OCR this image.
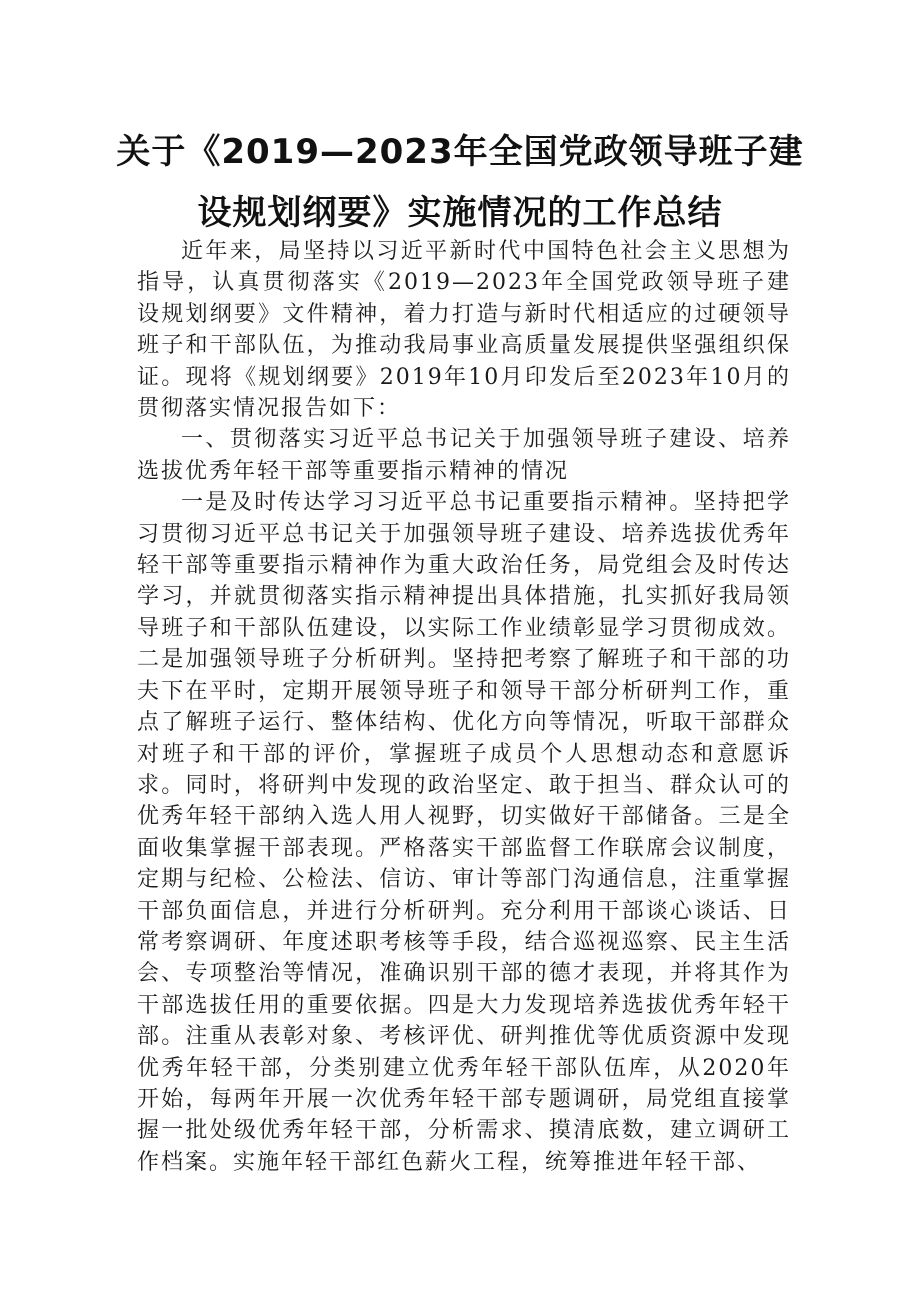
关于《2019—2023年全国党政领导班子建
设规划纲要》实施情况的工作总结

近年来，局坚持以习近平新时代中国特色社会主义思想为指导，认真贯彻落实《2019—2023年全国党政领导班子建设规划纲要》文件精神，着力打造与新时代相适应的过硬领导班子和干部队伍，为推动我局事业高质量发展提供坚强组织保证。现将《规划纲要》2019年10月印发后至2023年10月的贯彻落实情况报告如下：

一、贯彻落实习近平总书记关于加强领导班子建设、培养选拔优秀年轻干部等重要指示精神的情况

一是及时传达学习习近平总书记重要指示精神。坚持把学习贯彻习近平总书记关于加强领导班子建设、培养选拔优秀年轻干部等重要指示精神作为重大政治任务，局党组会及时传达学习，并就贯彻落实指示精神提出具体措施，扎实抓好我局领导班子和干部队伍建设，以实际工作业绩彰显学习贯彻成效。二是加强领导班子分析研判。坚持把考察了解班子和干部的功夫下在平时，定期开展领导班子和领导干部分析研判工作，重点了解班子运行、整体结构、优化方向等情况，听取干部群众对班子和干部的评价，掌握班子成员个人思想动态和意愿诉求。同时，将研判中发现的政治坚定、敢于担当、群众认可的优秀年轻干部纳入选人用人视野，切实做好干部储备。三是全面收集掌握干部表现。严格落实干部监督工作联席会议制度，定期与纪检、公检法、信访、审计等部门沟通信息，注重掌握干部负面信息，并进行分析研判。充分利用干部谈心谈话、日常考察调研、年度述职考核等手段，结合巡视巡察、民主生活会、专项整治等情况，准确识别干部的德才表现，并将其作为干部选拔任用的重要依据。四是大力发现培养选拔优秀年轻干部。注重从表彰对象、考核评优、研判推优等优质资源中发现优秀年轻干部，分类别建立优秀年轻干部队伍库，从2020年开始，每两年开展一次优秀年轻干部专题调研，局党组直接掌握一批处级优秀年轻干部，分析需求、摸清底数，建立调研工作档案。实施年轻干部红色薪火工程，统筹推进年轻干部、
